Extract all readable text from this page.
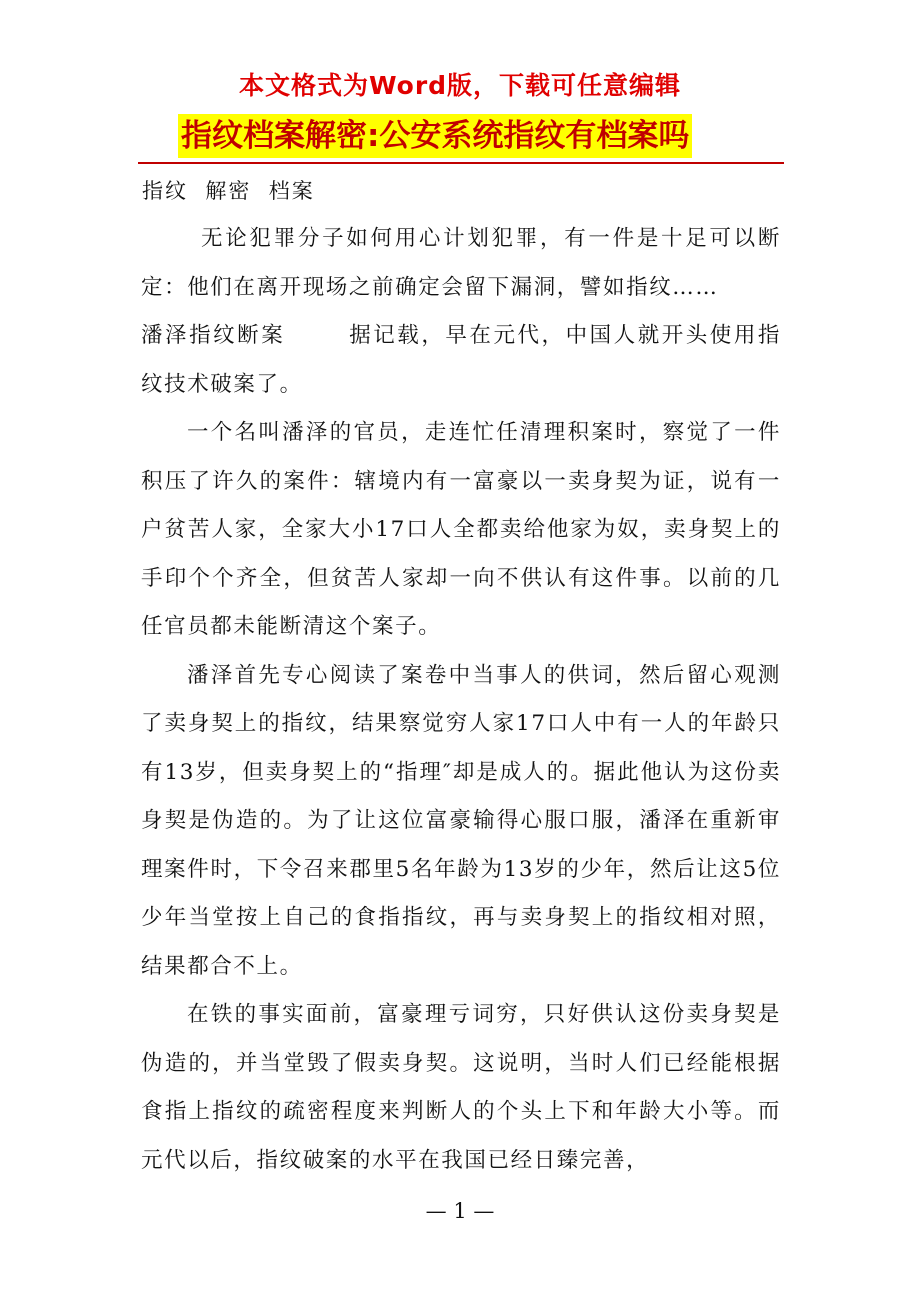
本文格式为Word版，下载可任意编辑
指纹档案解密:公安系统指纹有档案吗
指纹  解密  档案

无论犯罪分子如何用心计划犯罪，有一件是十足可以断定：他们在离开现场之前确定会留下漏洞，譬如指纹……

潘泽指纹断案	据记载，早在元代，中国人就开头使用指纹技术破案了。

一个名叫潘泽的官员，走连忙任清理积案时，察觉了一件积压了许久的案件：辖境内有一富豪以一卖身契为证，说有一户贫苦人家，全家大小17口人全都卖给他家为奴，卖身契上的手印个个齐全，但贫苦人家却一向不供认有这件事。以前的几任官员都未能断清这个案子。

潘泽首先专心阅读了案卷中当事人的供词，然后留心观测了卖身契上的指纹，结果察觉穷人家17口人中有一人的年龄只有13岁，但卖身契上的“指理″却是成人的。据此他认为这份卖身契是伪造的。为了让这位富豪输得心服口服，潘泽在重新审理案件时，下令召来郡里5名年龄为13岁的少年，然后让这5位少年当堂按上自己的食指指纹，再与卖身契上的指纹相对照，结果都合不上。

在铁的事实面前，富豪理亏词穷，只好供认这份卖身契是伪造的，并当堂毁了假卖身契。这说明，当时人们已经能根据食指上指纹的疏密程度来判断人的个头上下和年龄大小等。而元代以后，指纹破案的水平在我国已经日臻完善，

— 1 —
